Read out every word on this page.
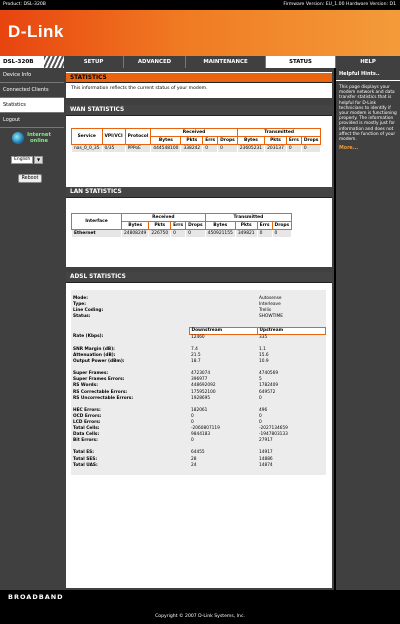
Product: DSL-320B	Firmware Version: EU_1.00 Hardware Version: D1
D-Link
DSL-320B	SETUP	ADVANCED	MAINTENANCE	STATUS	HELP
Device Info
Connected Clients
Statistics
Logout
Internet online
English	▼
Reboot
STATISTICS
This information reflects the current status of your modem.
WAN STATISTICS
Service	VPI/VCI	Protocol	Received				Transmitted			
			Bytes	Pkts	Errs	Drops	Bytes	Pkts	Errs	Drops
nas_0_0_35	0/35	PPPoE	444548100	338242	0	0	23605231	203137	0	0
LAN STATISTICS
Interface	Received				Transmitted			
	Bytes	Pkts	Errs	Drops	Bytes	Pkts	Errs	Drops
Ethernet	24808249	226750	0	0	450921155	349821	0	0
ADSL STATISTICS

Mode:		Autosense
Type:		Interleave
Line Coding:		Trellis
Status:		SHOWTIME

	Downstream	Upstream
Rate (Kbps):	12460	335

SNR Margin (dB):	7.4	1.1
Attenuation (dB):	21.5	15.6
Output Power (dBm):	18.7	10.9

Super Frames:	4723074	4740569
Super Frames Errors:	396977	5
RS Words:	448692092	1782409
RS Correctable Errors:	175952100	649572
RS Uncorrectable Errors:	1928695	0

HEC Errors:	182061	496
OCD Errors:	0	0
LCD Errors:	0	0
Total Cells:	-2060807119	-2027134659
Data Cells:	9844183	-1947803133
Bit Errors:	0	27917

Total ES:	64455	14917
Total SES:	28	14886
Total UAS:	24	14874

Helpful Hints..
This page displays your modem network and data transfer statistics that is helpful for D-Link technicians to identify if your modem is functioning properly. The information provided is mostly just for information and does not affect the function of your modem.
More...
BROADBAND
Copyright © 2007 D-Link Systems, Inc.
